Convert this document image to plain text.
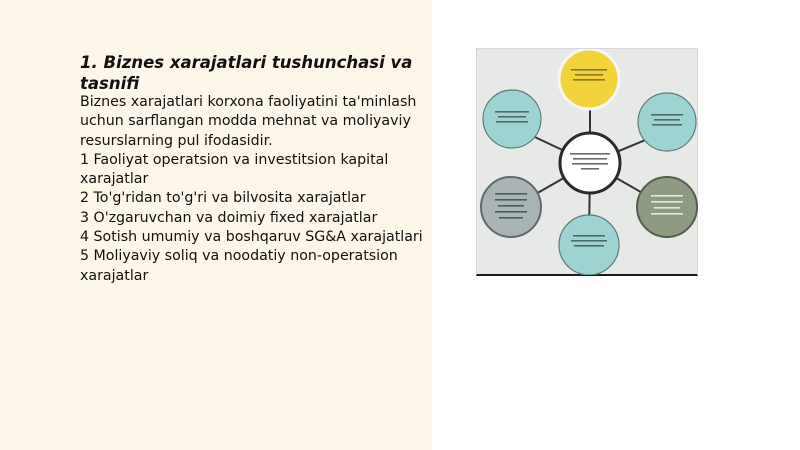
1. Biznes xarajatlari tushunchasi va tasnifi
Biznes xarajatlari korxona faoliyatini ta'minlash uchun sarflangan modda mehnat va moliyaviy resurslarning pul ifodasidir.
1 Faoliyat operatsion va investitsion kapital xarajatlar
2 To'g'ridan to'g'ri va bilvosita xarajatlar
3 O'zgaruvchan va doimiy fixed xarajatlar
4 Sotish umumiy va boshqaruv SG&A xarajatlari
5 Moliyaviy soliq va noodatiy non-operatsion xarajatlar
